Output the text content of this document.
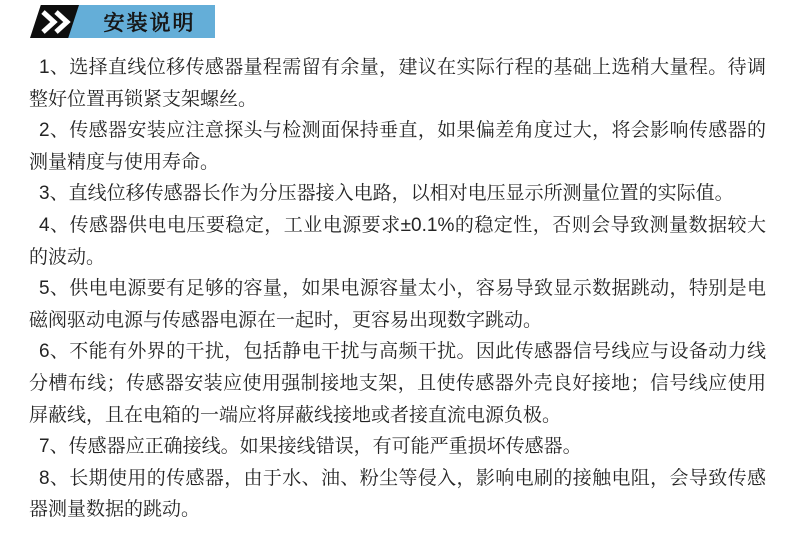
安装说明

1、选择直线位移传感器量程需留有余量，建议在实际行程的基础上选稍大量程。待调整好位置再锁紧支架螺丝。

2、传感器安装应注意探头与检测面保持垂直，如果偏差角度过大，将会影响传感器的测量精度与使用寿命。

3、直线位移传感器长作为分压器接入电路，以相对电压显示所测量位置的实际值。

4、传感器供电电压要稳定，工业电源要求±0.1%的稳定性，否则会导致测量数据较大的波动。

5、供电电源要有足够的容量，如果电源容量太小，容易导致显示数据跳动，特别是电磁阀驱动电源与传感器电源在一起时，更容易出现数字跳动。

6、不能有外界的干扰，包括静电干扰与高频干扰。因此传感器信号线应与设备动力线分槽布线；传感器安装应使用强制接地支架，且使传感器外壳良好接地；信号线应使用屏蔽线，且在电箱的一端应将屏蔽线接地或者接直流电源负极。

7、传感器应正确接线。如果接线错误，有可能严重损坏传感器。

8、长期使用的传感器，由于水、油、粉尘等侵入，影响电刷的接触电阻，会导致传感器测量数据的跳动。
